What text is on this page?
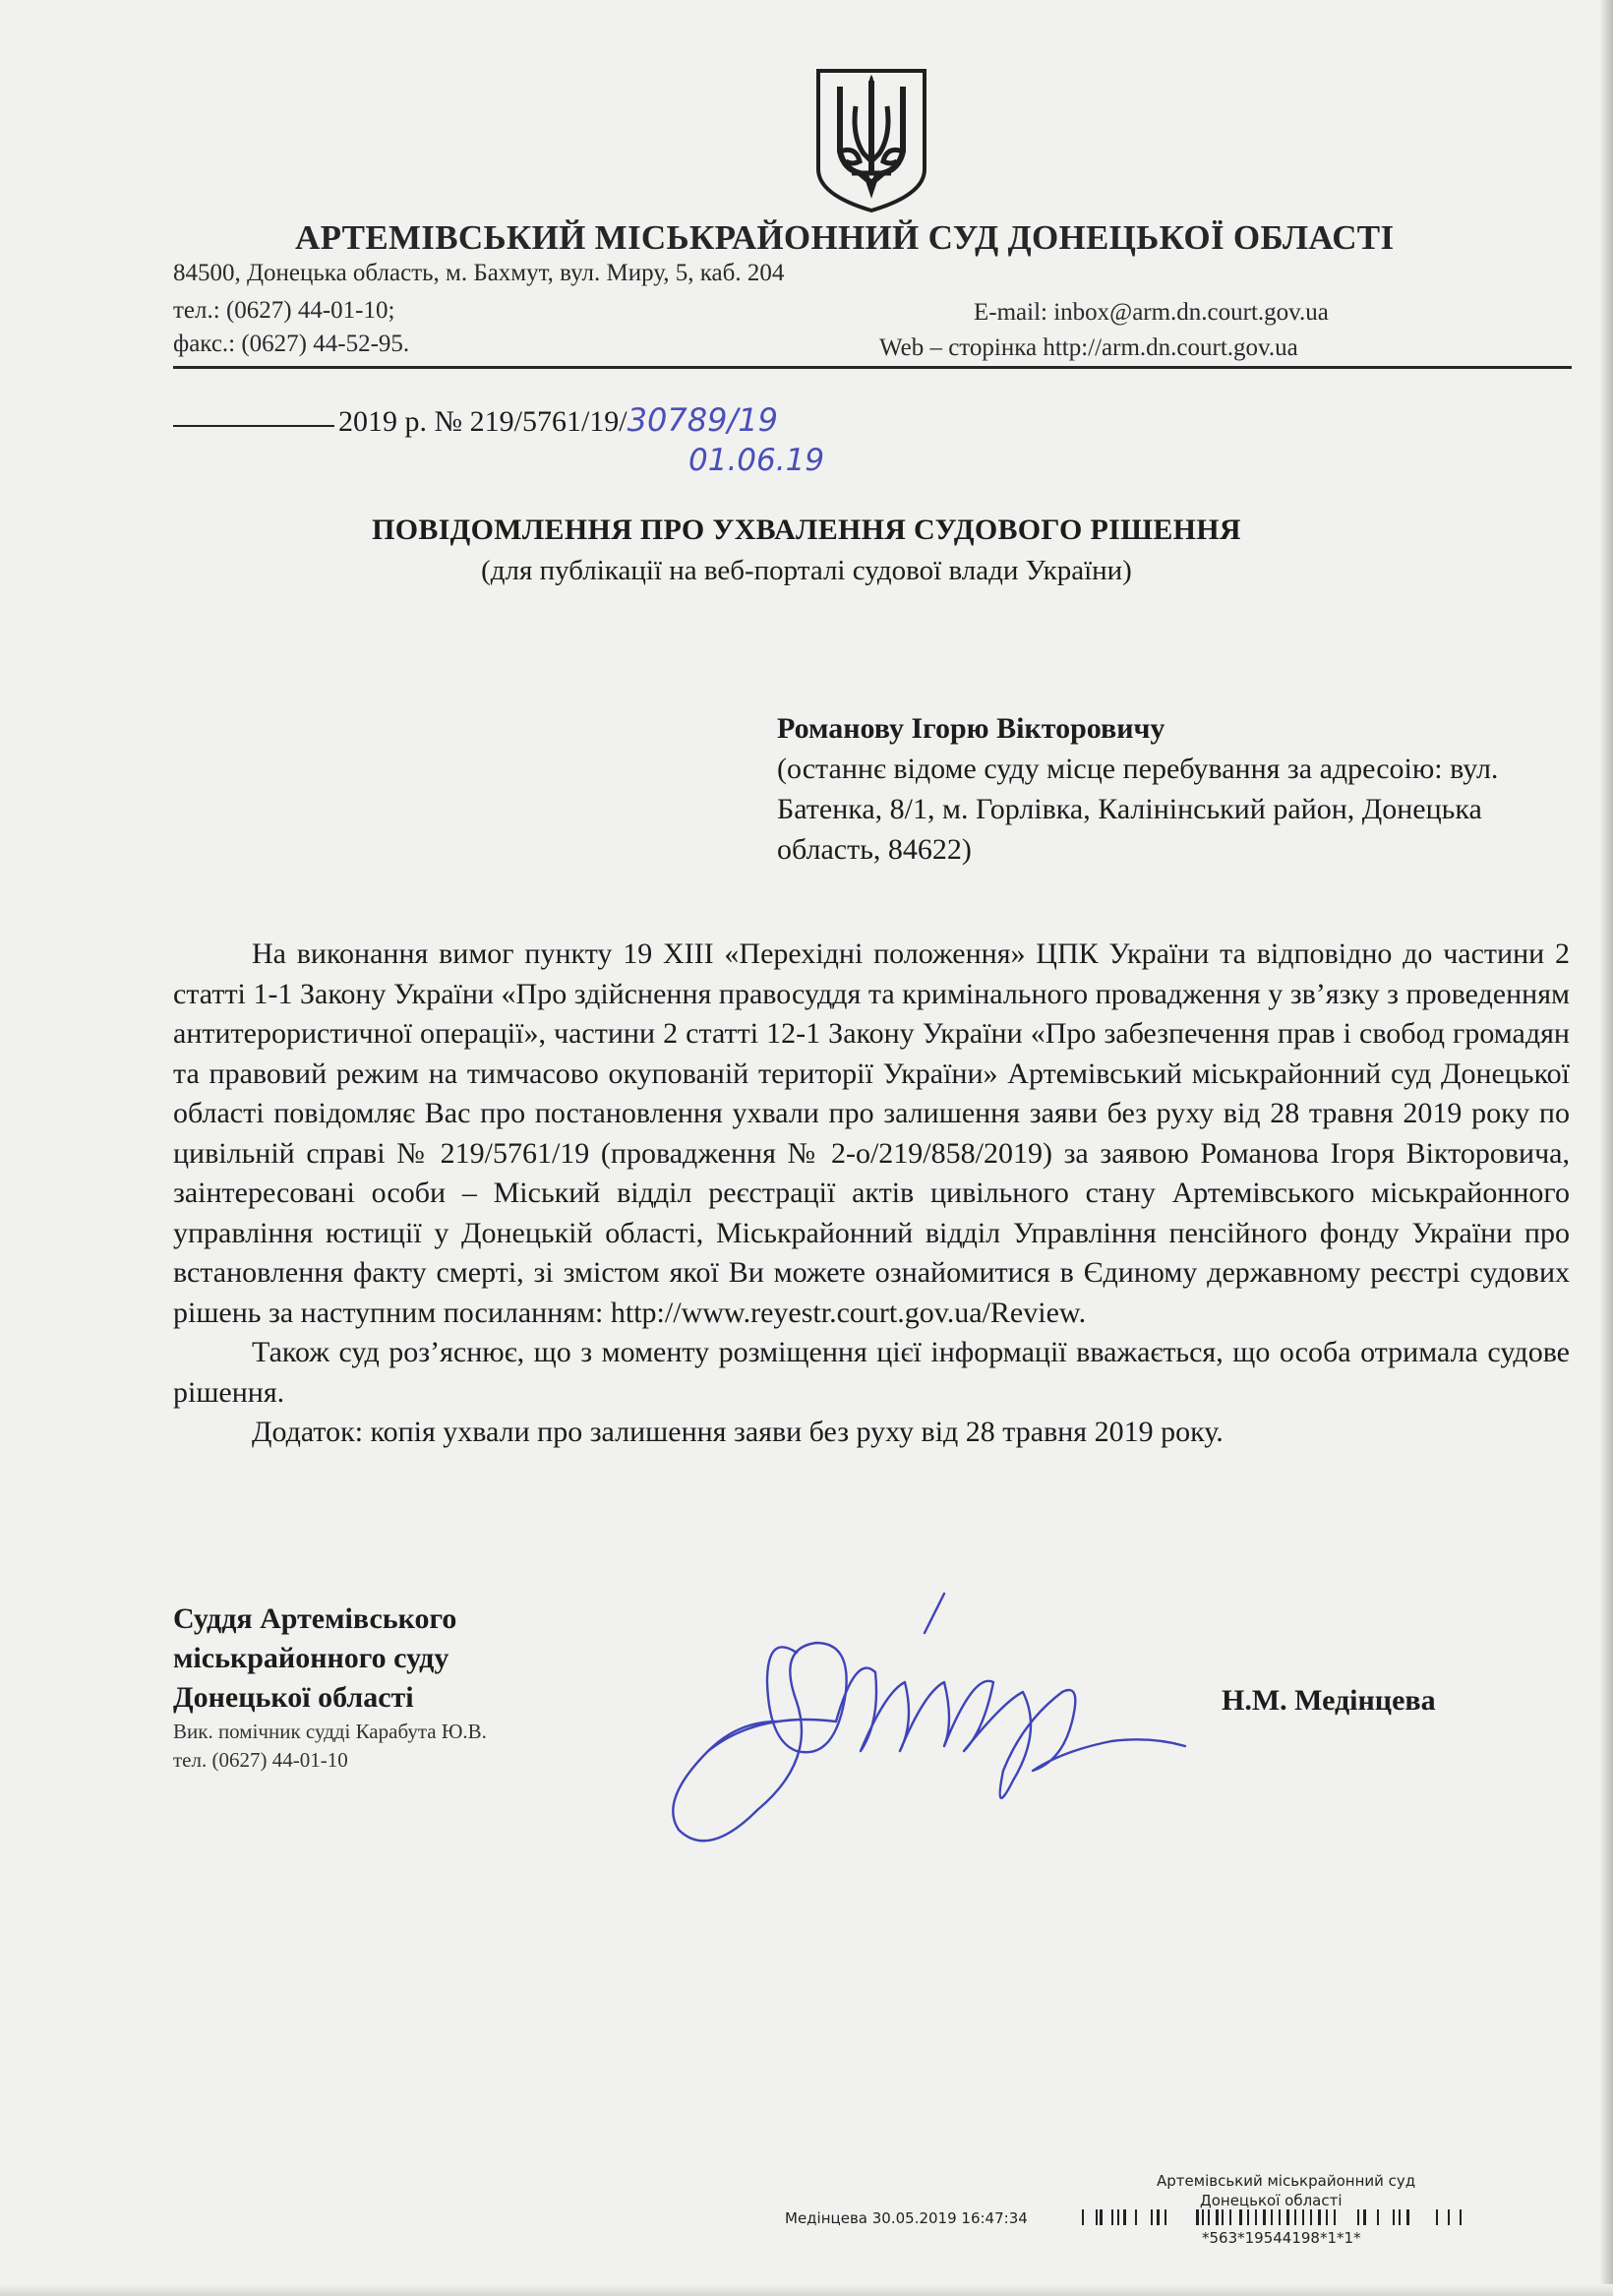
АРТЕМІВСЬКИЙ МІСЬКРАЙОННИЙ СУД ДОНЕЦЬКОЇ ОБЛАСТІ
84500, Донецька область, м. Бахмут, вул. Миру, 5, каб. 204
тел.: (0627) 44-01-10;	E-mail: inbox@arm.dn.court.gov.ua
факс.: (0627) 44-52-95.	Web – сторінка http://arm.dn.court.gov.ua
2019 р. № 219/5761/19/30789/19
01.06.19
ПОВІДОМЛЕННЯ ПРО УХВАЛЕННЯ СУДОВОГО РІШЕННЯ
(для публікації на веб-порталі судової влади України)
Романову Ігорю Вікторовичу
(останнє відоме суду місце перебування за адресоію: вул. Батенка, 8/1, м. Горлівка, Калінінський район, Донецька область, 84622)

На виконання вимог пункту 19 XIII «Перехідні положення» ЦПК України та відповідно до частини 2 статті 1-1 Закону України «Про здійснення правосуддя та кримінального провадження у зв’язку з проведенням антитерористичної операції», частини 2 статті 12-1 Закону України «Про забезпечення прав і свобод громадян та правовий режим на тимчасово окупованій території України» Артемівський міськрайонний суд Донецької області повідомляє Вас про постановлення ухвали про залишення заяви без руху від 28 травня 2019 року по цивільній справі № 219/5761/19 (провадження № 2-о/219/858/2019) за заявою Романова Ігоря Вікторовича, заінтересовані особи – Міський відділ реєстрації актів цивільного стану Артемівського міськрайонного управління юстиції у Донецькій області, Міськрайонний відділ Управління пенсійного фонду України про встановлення факту смерті, зі змістом якої Ви можете ознайомитися в Єдиному державному реєстрі судових рішень за наступним посиланням: http://www.reyestr.court.gov.ua/Review.

Також суд роз’яснює, що з моменту розміщення цієї інформації вважається, що особа отримала судове рішення.

Додаток: копія ухвали про залишення заяви без руху від 28 травня 2019 року.

Суддя Артемівського
міськрайонного суду
Донецької області
Вик. помічник судді Карабута Ю.В.
тел. (0627) 44-01-10
Н.М. Медінцева
Артемівський міськрайонний суд
Донецької області
Медінцева 30.05.2019 16:47:34
*563*19544198*1*1*
